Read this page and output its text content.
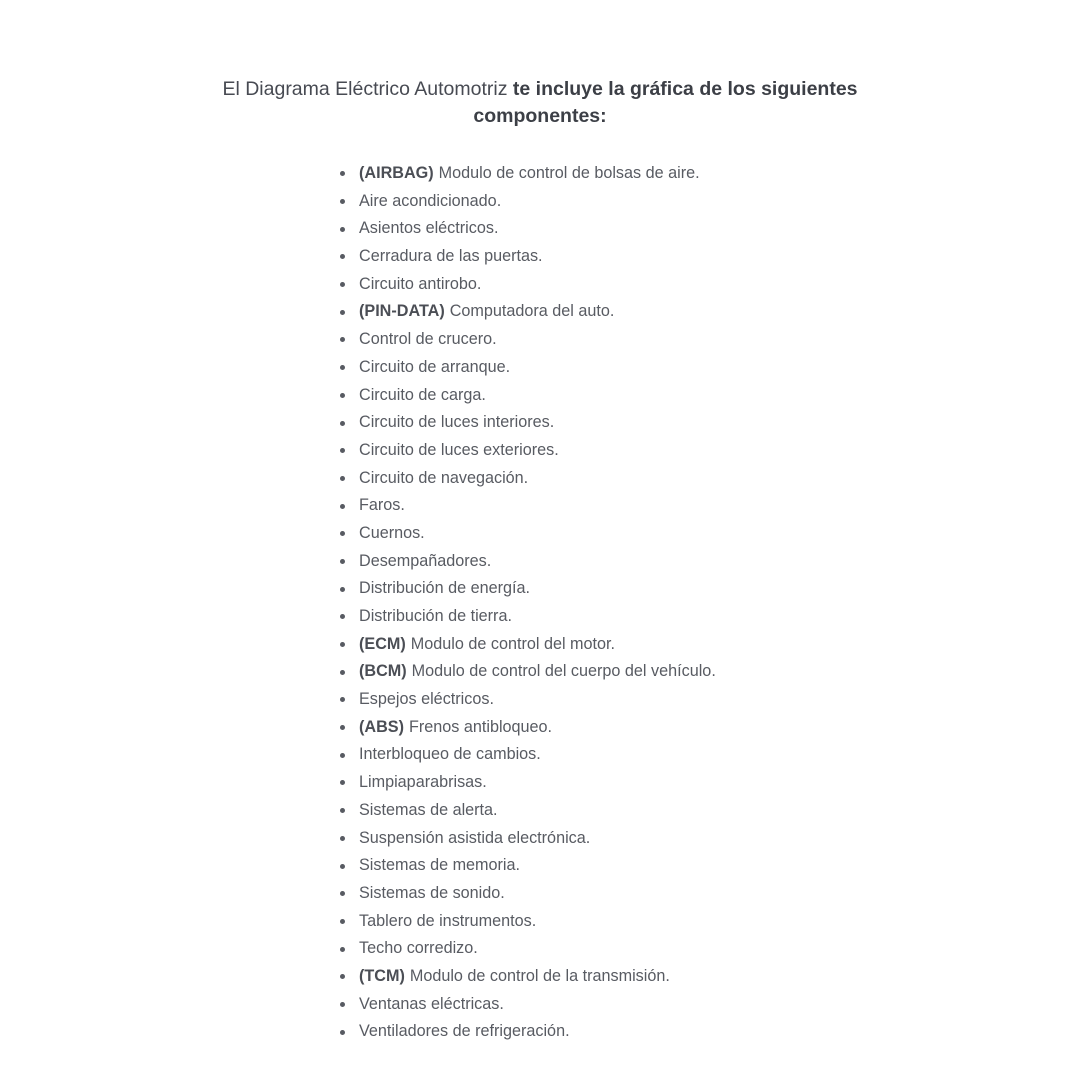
El Diagrama Eléctrico Automotriz te incluye la gráfica de los siguientes componentes:

(AIRBAG) Modulo de control de bolsas de aire.
Aire acondicionado.
Asientos eléctricos.
Cerradura de las puertas.
Circuito antirobo.
(PIN-DATA) Computadora del auto.
Control de crucero.
Circuito de arranque.
Circuito de carga.
Circuito de luces interiores.
Circuito de luces exteriores.
Circuito de navegación.
Faros.
Cuernos.
Desempañadores.
Distribución de energía.
Distribución de tierra.
(ECM) Modulo de control del motor.
(BCM) Modulo de control del cuerpo del vehículo.
Espejos eléctricos.
(ABS) Frenos antibloqueo.
Interbloqueo de cambios.
Limpiaparabrisas.
Sistemas de alerta.
Suspensión asistida electrónica.
Sistemas de memoria.
Sistemas de sonido.
Tablero de instrumentos.
Techo corredizo.
(TCM) Modulo de control de la transmisión.
Ventanas eléctricas.
Ventiladores de refrigeración.
